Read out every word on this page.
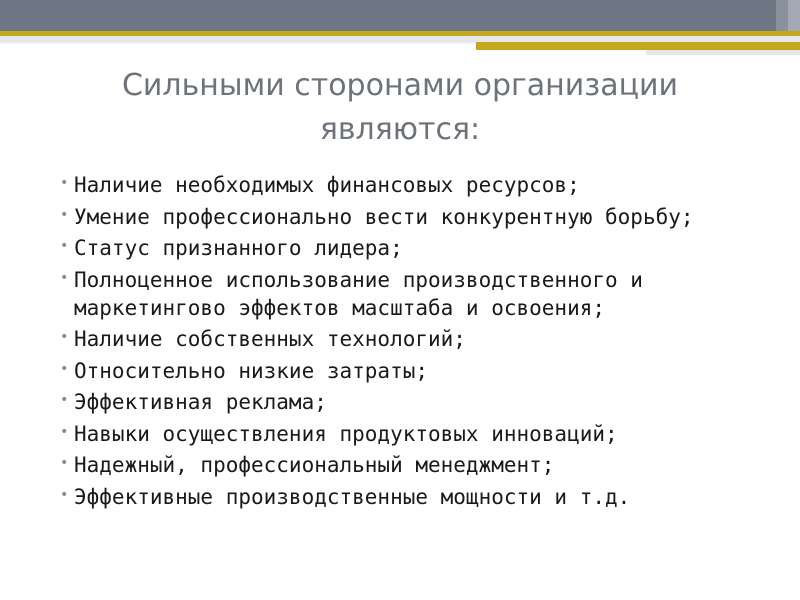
Сильными сторонами организации являются:
• Наличие необходимых финансовых ресурсов;
• Умение профессионально вести конкурентную борьбу;
• Статус признанного лидера;
• Полноценное использование производственного и маркетингово эффектов масштаба и освоения;
• Наличие собственных технологий;
• Относительно низкие затраты;
• Эффективная реклама;
• Навыки осуществления продуктовых инноваций;
• Надежный, профессиональный менеджмент;
• Эффективные производственные мощности и т.д.
